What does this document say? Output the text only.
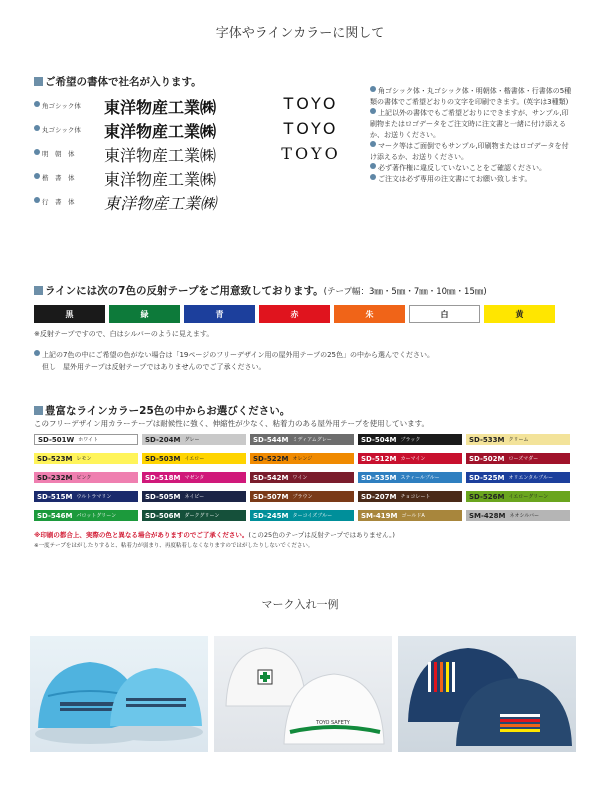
字体やラインカラーに関して
ご希望の書体で社名が入ります。
角ゴシック体 東洋物産工業㈱
丸ゴシック体 東洋物産工業㈱
明　朝　体 東洋物産工業㈱
楷　書　体 東洋物産工業㈱
行　書　体 東洋物産工業㈱
TOYO
TOYO
TOYO
角ゴシック体・丸ゴシック体・明朝体・楷書体・行書体の5種類の書体でご希望どおりの文字を印刷できます。(英字は3種類)
上記以外の書体でもご希望どおりにできますが、サンプル,印刷物またはロゴデータをご注文時に注文書と一緒に付け添えるか、お送りください。
マーク等はご面倒でもサンプル,印刷物またはロゴデータを付け添えるか、お送りください。
必ず著作権に違反していないことをご確認ください。
ご注文は必ず専用の注文書にてお願い致します。
ラインには次の7色の反射テープをご用意致しております。(テープ幅：3㎜・5㎜・7㎜・10㎜・15㎜)
黒	緑	青	赤	朱	白	黄
※反射テープですので、白はシルバーのように見えます。
上記の7色の中にご希望の色がない場合は「19ページのフリーデザイン用の屋外用テープの25色」の中から選んでください。
但し　屋外用テープは反射テープではありませんのでご了承ください。
豊富なラインカラー25色の中からお選びください。
このフリーデザイン用カラーテープは耐候性に強く、伸縮性が少なく、粘着力のある屋外用テープを使用しています。
SD-501W ホワイト	SD-204M グレー	SD-544M ミディアムグレー	SD-504M ブラック	SD-533M クリーム
SD-523M レモン	SD-503M イエロー	SD-522M オレンジ	SD-512M カーマイン	SD-502M ローズマダー
SD-232M ピンク	SD-518M マゼンタ	SD-542M ワイン	SD-535M スティールブルー	SD-525M オリエンタルブルー
SD-515M ウルトラマリン	SD-505M ネイビー	SD-507M ブラウン	SD-207M チョコレート	SD-526M イエローグリーン
SD-546M パロットグリーン	SD-506M ダークグリーン	SD-245M ターコイズブルー	SM-419M ゴールドA	SM-428M ネオシルバー
※印刷の都合上、実際の色と異なる場合がありますのでご了承ください。(この25色のテープは反射テープではありません。)
※一度テープをはがしたりすると、粘着力が弱まり、再度粘着しなくなりますのではがしたりしないでください。
マーク入れ一例
TOYO SAFETY
